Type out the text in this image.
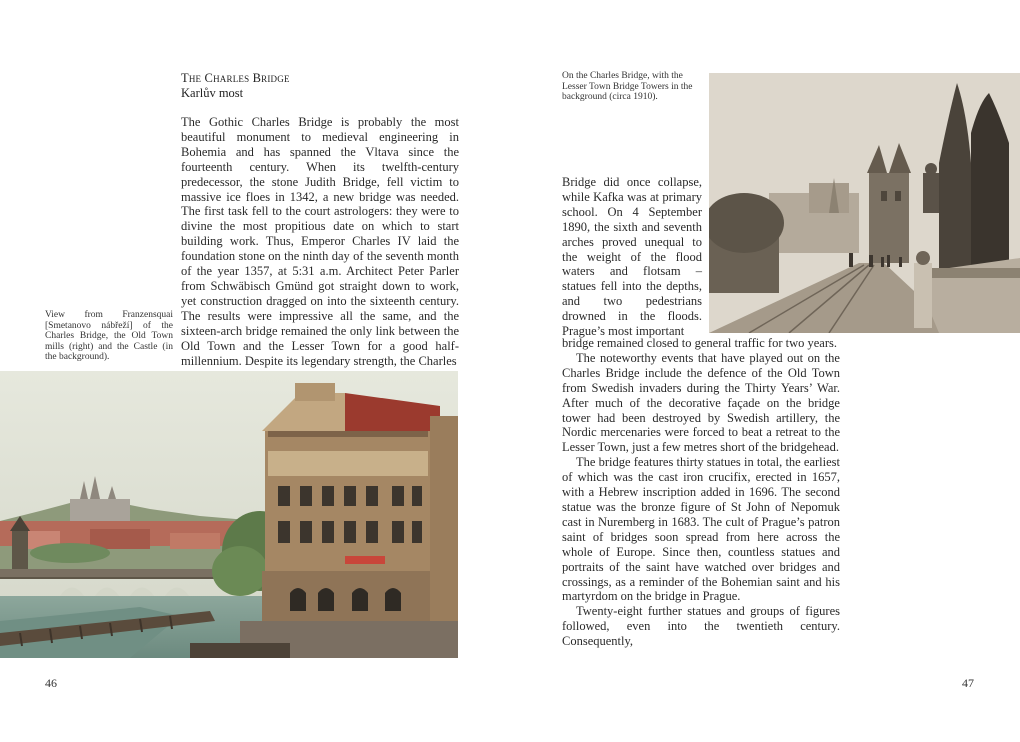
The Charles Bridge
Karlův most

The Gothic Charles Bridge is probably the most beautiful monument to medieval engineering in Bohemia and has spanned the Vltava since the fourteenth century. When its twelfth-century predecessor, the stone Judith Bridge, fell victim to massive ice floes in 1342, a new bridge was needed. The first task fell to the court astrologers: they were to divine the most propitious date on which to start building work. Thus, Emperor Charles IV laid the foundation stone on the ninth day of the seventh month of the year 1357, at 5:31 a.m. Architect Peter Parler from Schwäbisch Gmünd got straight down to work, yet construction dragged on into the sixteenth century. The results were impressive all the same, and the sixteen-arch bridge remained the only link between the Old Town and the Lesser Town for a good half-millennium. Despite its legendary strength, the Charles

View from Franzensquai [Smetanovo nábřeží] of the Charles Bridge, the Old Town mills (right) and the Castle (in the background).
46
On the Charles Bridge, with the Lesser Town Bridge Towers in the background (circa 1910).

Bridge did once collapse, while Kafka was at primary school. On 4 September 1890, the sixth and seventh arches proved unequal to the weight of the flood waters and flotsam – statues fell into the depths, and two pedestrians drowned in the floods. Prague’s most important

bridge remained closed to general traffic for two years.

The noteworthy events that have played out on the Charles Bridge include the defence of the Old Town from Swedish invaders during the Thirty Years’ War. After much of the decorative façade on the bridge tower had been destroyed by Swedish artillery, the Nordic mercenaries were forced to beat a retreat to the Lesser Town, just a few metres short of the bridgehead.

The bridge features thirty statues in total, the earliest of which was the cast iron crucifix, erected in 1657, with a Hebrew inscription added in 1696. The second statue was the bronze figure of St John of Nepomuk cast in Nuremberg in 1683. The cult of Prague’s patron saint of bridges soon spread from here across the whole of Europe. Since then, countless statues and portraits of the saint have watched over bridges and crossings, as a reminder of the Bohemian saint and his martyrdom on the bridge in Prague.

Twenty-eight further statues and groups of figures followed, even into the twentieth century. Consequently,

47
